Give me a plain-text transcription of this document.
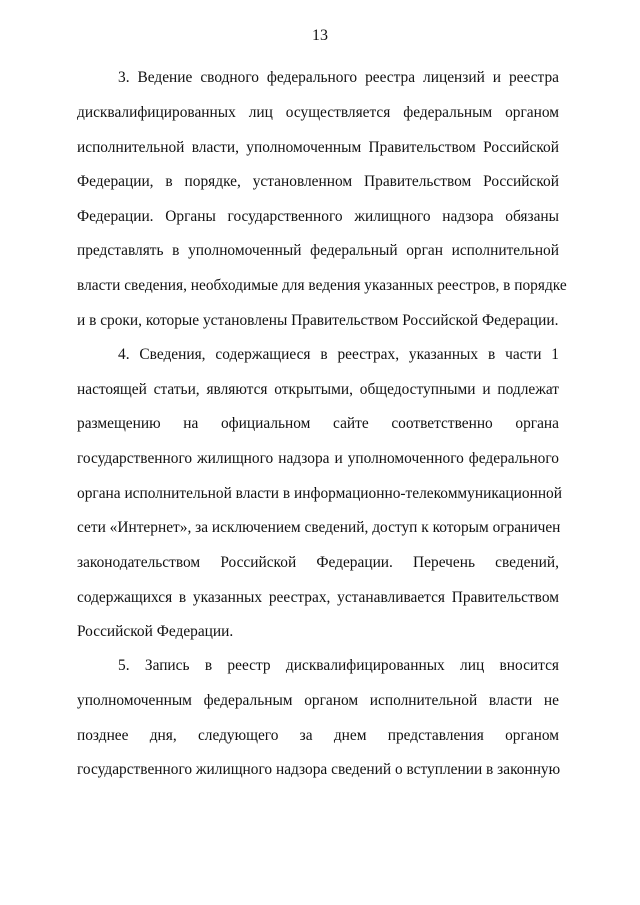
13
3. Ведение сводного федерального реестра лицензий и реестра
дисквалифицированных лиц осуществляется федеральным органом
исполнительной власти, уполномоченным Правительством Российской
Федерации, в порядке, установленном Правительством Российской
Федерации. Органы государственного жилищного надзора обязаны
представлять в уполномоченный федеральный орган исполнительной
власти сведения, необходимые для ведения указанных реестров, в порядке
и в сроки, которые установлены Правительством Российской Федерации.
4. Сведения, содержащиеся в реестрах, указанных в части 1
настоящей статьи, являются открытыми, общедоступными и подлежат
размещению на официальном сайте соответственно органа
государственного жилищного надзора и уполномоченного федерального
органа исполнительной власти в информационно-телекоммуникационной
сети «Интернет», за исключением сведений, доступ к которым ограничен
законодательством Российской Федерации. Перечень сведений,
содержащихся в указанных реестрах, устанавливается Правительством
Российской Федерации.
5. Запись в реестр дисквалифицированных лиц вносится
уполномоченным федеральным органом исполнительной власти не
позднее дня, следующего за днем представления органом
государственного жилищного надзора сведений о вступлении в законную
